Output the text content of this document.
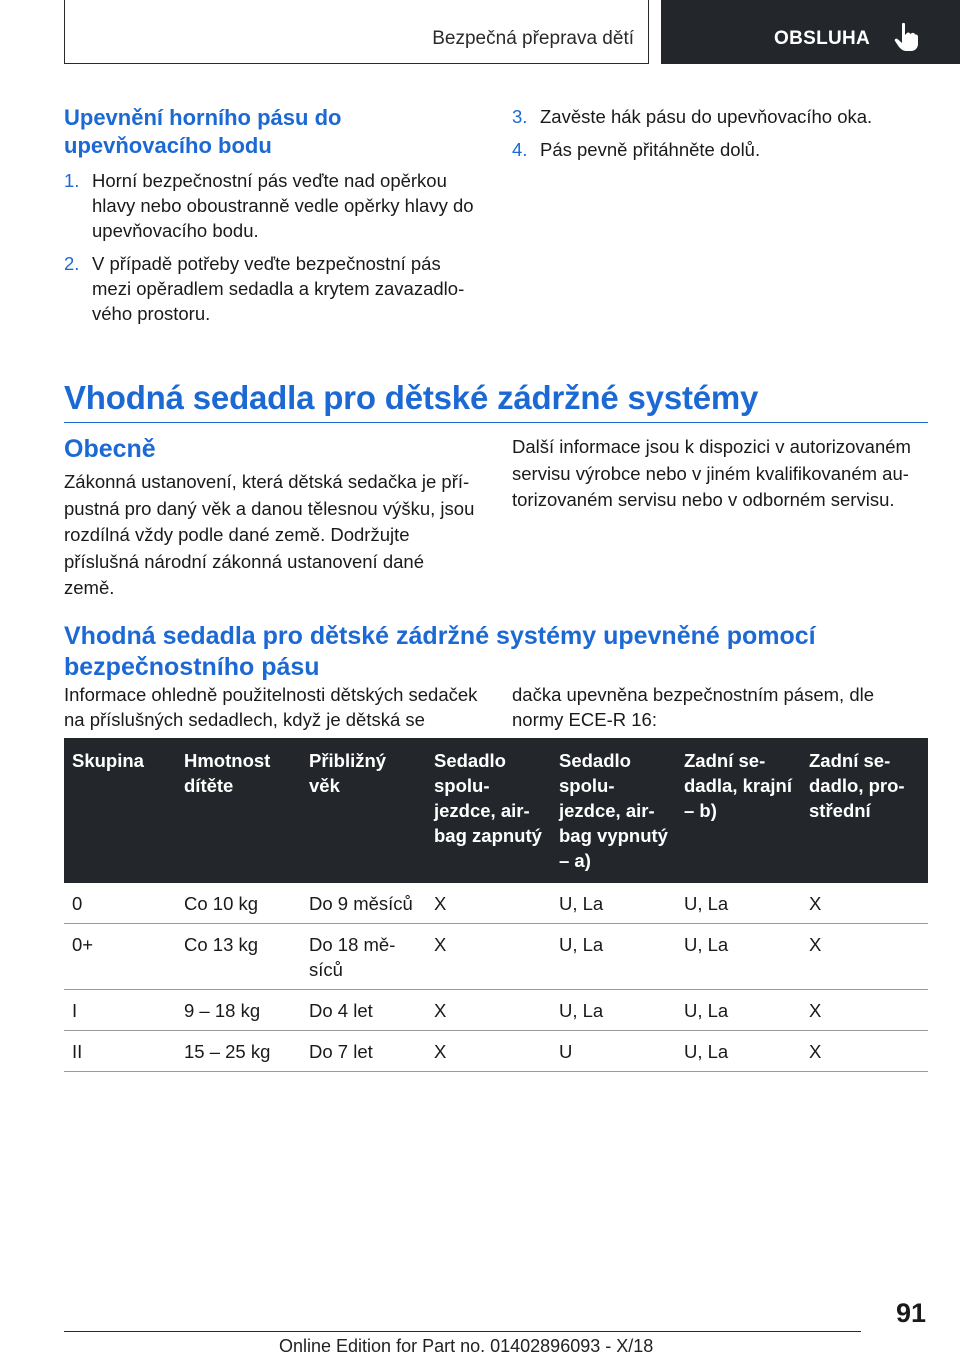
Bezpečná přeprava dětí	OBSLUHA
Upevnění horního pásu do upevňovacího bodu
1. Horní bezpečnostní pás veďte nad opěrkou hlavy nebo oboustranně vedle opěrky hlavy do upevňovacího bodu.
2. V případě potřeby veďte bezpečnostní pás mezi opěradlem sedadla a krytem zavazadlového prostoru.
3. Zavěste hák pásu do upevňovacího oka.
4. Pás pevně přitáhněte dolů.
Vhodná sedadla pro dětské zádržné systémy
Obecně
Zákonná ustanovení, která dětská sedačka je přípustná pro daný věk a danou tělesnou výšku, jsou rozdílná vždy podle dané země. Dodržujte příslušná národní zákonná ustanovení dané země.
Další informace jsou k dispozici v autorizovaném servisu výrobce nebo v jiném kvalifikovaném autorizovaném servisu nebo v odborném servisu.
Vhodná sedadla pro dětské zádržné systémy upevněné pomocí bezpečnostního pásu
Informace ohledně použitelnosti dětských sedaček na příslušných sedadlech, když je dětská se
dačka upevněna bezpečnostním pásem, dle normy ECE-R 16:
Skupina	Hmotnost dítěte	Přibližný věk	Sedadlo spolujezdce, airbag zapnutý	Sedadlo spolujezdce, airbag vypnutý – a)	Zadní sedadla, krajní – b)	Zadní sedadlo, prostřední
0	Co 10 kg	Do 9 měsíců	X	U, La	U, La	X
0+	Co 13 kg	Do 18 měsíců	X	U, La	U, La	X
I	9 – 18 kg	Do 4 let	X	U, La	U, La	X
II	15 – 25 kg	Do 7 let	X	U	U, La	X
91
Online Edition for Part no. 01402896093 - X/18
